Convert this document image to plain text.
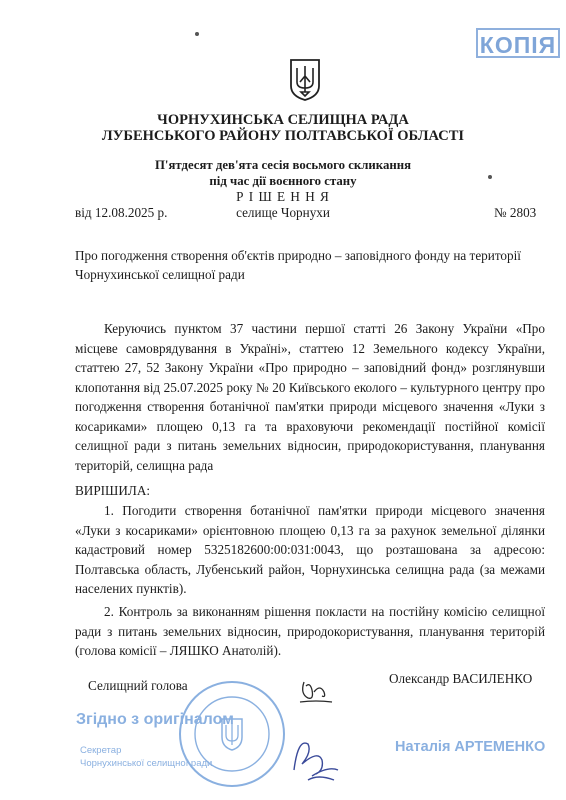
КОПІЯ
ЧОРНУХИНСЬКА СЕЛИЩНА РАДА
ЛУБЕНСЬКОГО РАЙОНУ ПОЛТАВСЬКОЇ ОБЛАСТІ
П'ятдесят дев'ята сесія восьмого скликання
під час дії воєнного стану
Р І Ш Е Н Н Я
від 12.08.2025 р.	селище Чорнухи	№ 2803
Про погодження створення об'єктів природно – заповідного фонду на території
Чорнухинської селищної ради
Керуючись пунктом 37 частини першої статті 26 Закону України «Про місцеве самоврядування в Україні», статтею 12 Земельного кодексу України, статтею 27, 52 Закону України «Про природно – заповідний фонд» розглянувши клопотання від 25.07.2025 року № 20 Київського еколого – культурного центру про погодження створення ботанічної пам'ятки природи місцевого значення «Луки з косариками» площею 0,13 га та враховуючи рекомендації постійної комісії селищної ради з питань земельних відносин, природокористування, планування територій, селищна рада
ВИРІШИЛА:
1. Погодити створення ботанічної пам'ятки природи місцевого значення «Луки з косариками» орієнтовною площею 0,13 га за рахунок земельної ділянки кадастровий номер 5325182600:00:031:0043, що розташована за адресою: Полтавська область, Лубенський район, Чорнухинська селищна рада (за межами населених пунктів).
2. Контроль за виконанням рішення покласти на постійну комісію селищної ради з питань земельних відносин, природокористування, планування територій (голова комісії – ЛЯШКО Анатолій).
Селищний голова	Олександр ВАСИЛЕНКО
Згідно з оригіналом
Секретар
Чорнухинської селищної ради
Наталія АРТЕМЕНКО
